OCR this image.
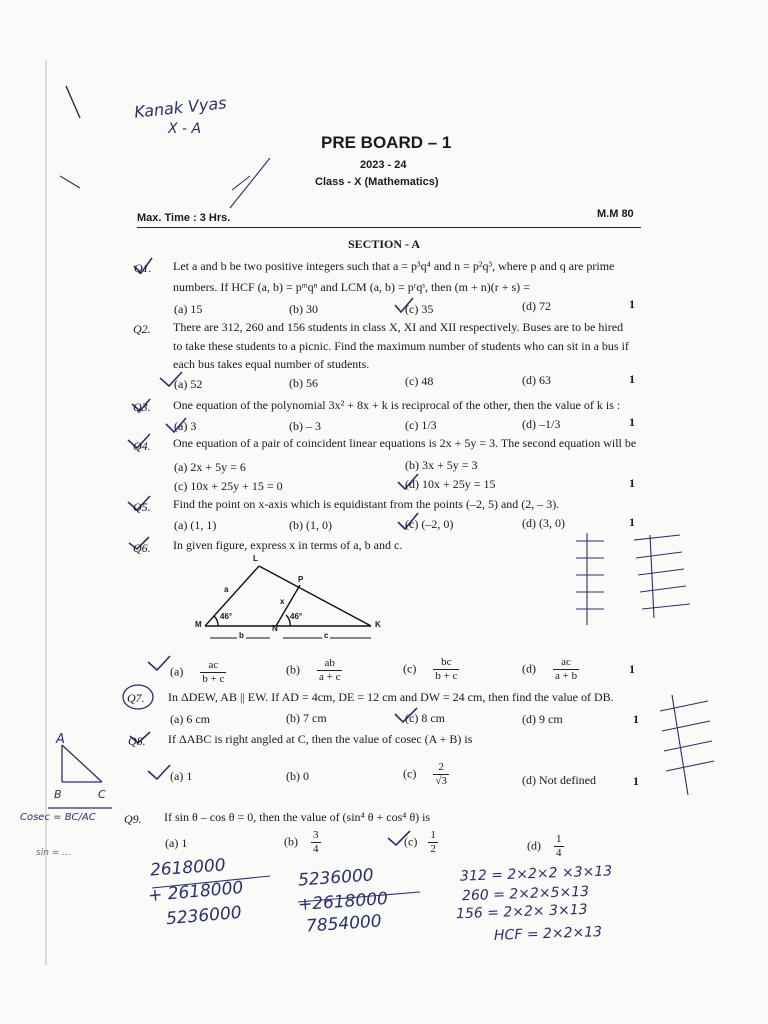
Kanak Vyas
X - A
PRE BOARD – 1
2023 - 24
Class - X (Mathematics)
Max. Time : 3 Hrs.	M.M 80
SECTION - A
Q1. Let a and b be two positive integers such that a = p³q⁴ and n = p²q³, where p and q are prime
numbers. If HCF (a, b) = pᵐqⁿ and LCM (a, b) = pʳqˢ, then (m + n)(r + s) =
(a) 15	(b) 30	(c) 35	(d) 72	1
Q2. There are 312, 260 and 156 students in class X, XI and XII respectively. Buses are to be hired
to take these students to a picnic. Find the maximum number of students who can sit in a bus if
each bus takes equal number of students.
(a) 52	(b) 56	(c) 48	(d) 63	1
Q3. One equation of the polynomial 3x² + 8x + k is reciprocal of the other, then the value of k is :
(a) 3	(b) – 3	(c) 1/3	(d) –1/3	1
Q4. One equation of a pair of coincident linear equations is 2x + 5y = 3. The second equation will be
(a) 2x + 5y = 6	(b) 3x + 5y = 3
(c) 10x + 25y + 15 = 0	(d) 10x + 25y = 15	1
Q5. Find the point on x-axis which is equidistant from the points (–2, 5) and (2, – 3).
(a) (1, 1)	(b) (1, 0)	(c) (–2, 0)	(d) (3, 0)	1
Q6. In given figure, express x in terms of a, b and c.
L
P
a
x
46°	46°
M	N	K
b	c
$(a) \frac{ac}{b + c}$	$(b) \frac{ab}{a + c}$	$(c) \frac{bc}{b + c}$	$(d) \frac{ac}{a + b}$	1
Q7. In ΔDEW, AB || EW. If AD = 4cm, DE = 12 cm and DW = 24 cm, then find the value of DB.
(a) 6 cm	(b) 7 cm	(c) 8 cm	(d) 9 cm	1
Q8. If ΔABC is right angled at C, then the value of cosec (A + B) is
(a) 1	(b) 0	$(c) \frac{2}{√3}$	(d) Not defined	1
Q9. If sin θ – cos θ = 0, then the value of (sin⁴ θ + cos⁴ θ) is
(a) 1	$(b) \frac{3}{4}$	$(c) \frac{1}{2}$	$(d) \frac{1}{4}$
A
B	C
Cosec = BC/AC
sin = ...
2618000
+ 2618000
5236000
5236000
+2618000
7854000
312 = 2×2×2 ×3×13
260 = 2×2×5×13
156 = 2×2× 3×13
HCF = 2×2×13
